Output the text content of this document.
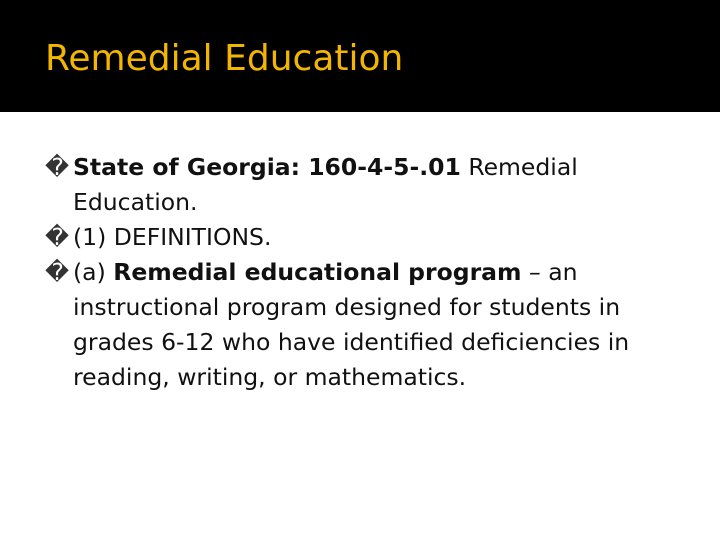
Remedial Education
� State of Georgia: 160-4-5-.01 Remedial Education.
� (1) DEFINITIONS.
� (a) Remedial educational program – an instructional program designed for students in grades 6-12 who have identified deficiencies in reading, writing, or mathematics.
